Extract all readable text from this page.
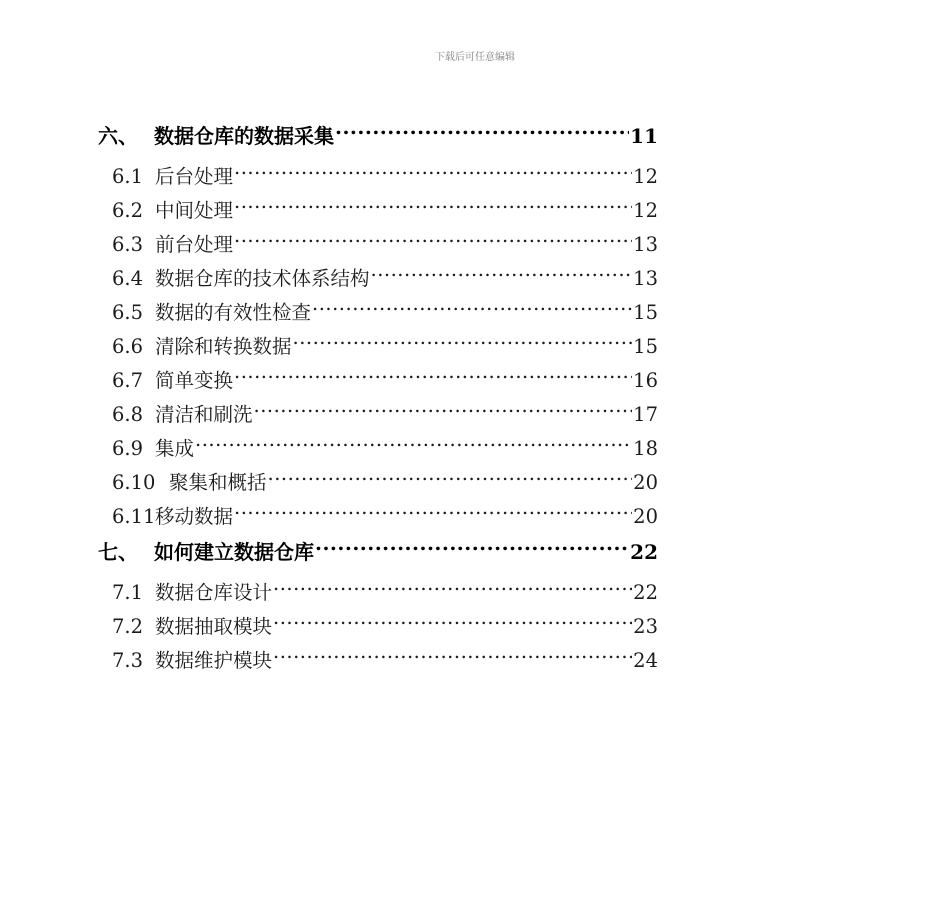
下载后可任意编辑
六、 数据仓库的数据采集 .....	11
6.1 后台处理 .....	12
6.2 中间处理 .....	12
6.3 前台处理 .....	13
6.4 数据仓库的技术体系结构 .....	13
6.5 数据的有效性检查 .....	15
6.6 清除和转换数据 .....	15
6.7 简单变换 .....	16
6.8 清洁和刷洗 .....	17
6.9 集成 .....	18
6.10 聚集和概括 .....	20
6.11 移动数据 .....	20
七、 如何建立数据仓库 .....	22
7.1 数据仓库设计 .....	22
7.2 数据抽取模块 .....	23
7.3 数据维护模块 .....	24
